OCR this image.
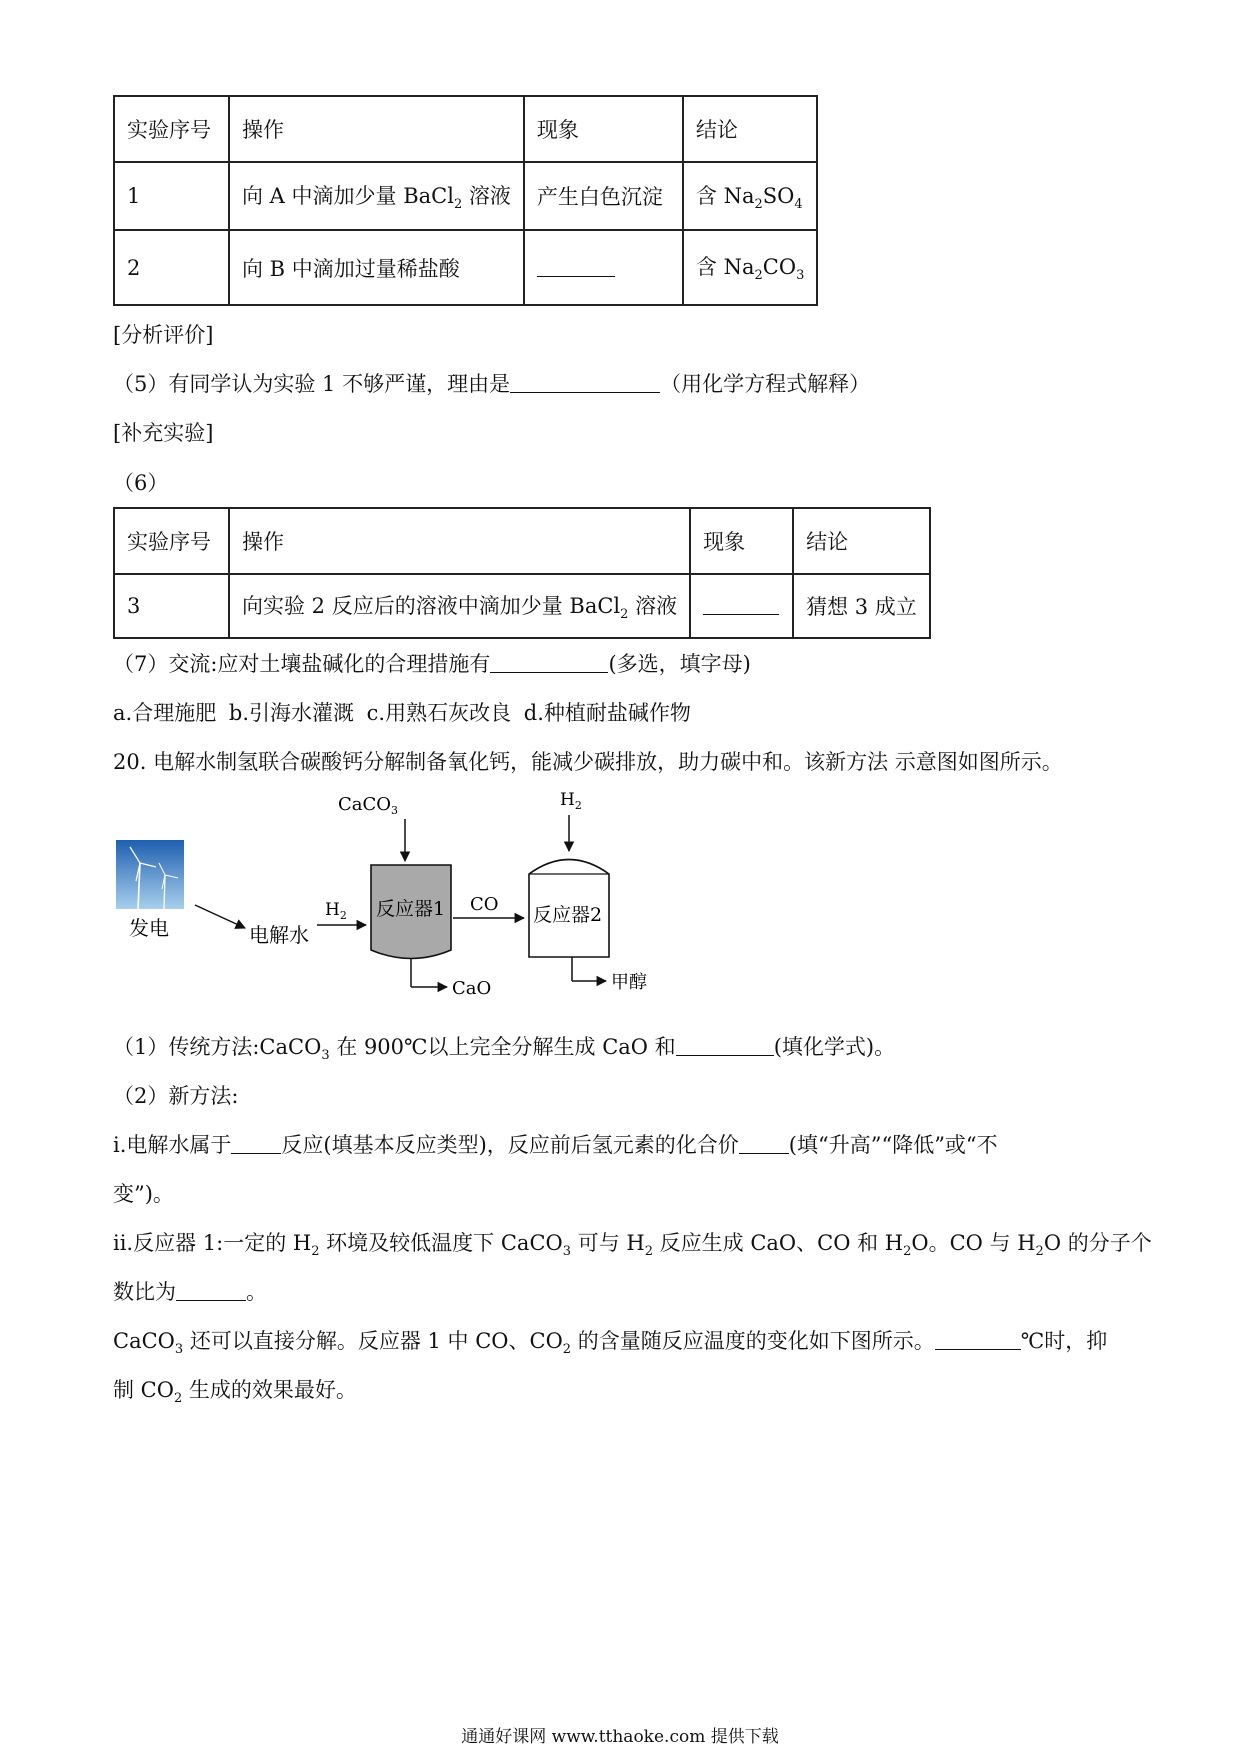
实验序号	操作	现象	结论
1	向 A 中滴加少量 BaCl$_2$ 溶液	产生白色沉淀	含 $Na_2SO_4$
2	向 B 中滴加过量稀盐酸		含 $Na_2CO_3$
[分析评价]
（5）有同学认为实验 1 不够严谨，理由是	（用化学方程式解释）
[补充实验]
（6）
实验序号	操作	现象	结论
3	向实验 2 反应后的溶液中滴加少量 BaCl$_2$ 溶液		猜想 3 成立
（7）交流:应对土壤盐碱化的合理措施有	(多选，填字母)
a.合理施肥 b.引海水灌溉 c.用熟石灰改良 d.种植耐盐碱作物
20. 电解水制氢联合碳酸钙分解制备氧化钙，能减少碳排放，助力碳中和。该新方法 示意图如图所示。
发电	电解水
$H_2$
CaCO$_3$
反应器1
CaO
CO
$H_2$
反应器2
甲醇
（1）传统方法:CaCO$_3$ 在 900℃以上完全分解生成 CaO 和	(填化学式)。
（2）新方法:
i.电解水属于 反应(填基本反应类型)，反应前后氢元素的化合价 (填“升高”“降低”或“不
变”)。
ii.反应器 1:一定的 $H_2$ 环境及较低温度下 CaCO$_3$ 可与 $H_2$ 反应生成 CaO、CO 和 $H_2O$。CO 与 $H_2O$ 的分子个
数比为	。
CaCO$_3$ 还可以直接分解。反应器 1 中 CO、$CO_2$ 的含量随反应温度的变化如下图所示。	℃时，抑
制 $CO_2$ 生成的效果最好。
通通好课网 www.tthaoke.com 提供下载
